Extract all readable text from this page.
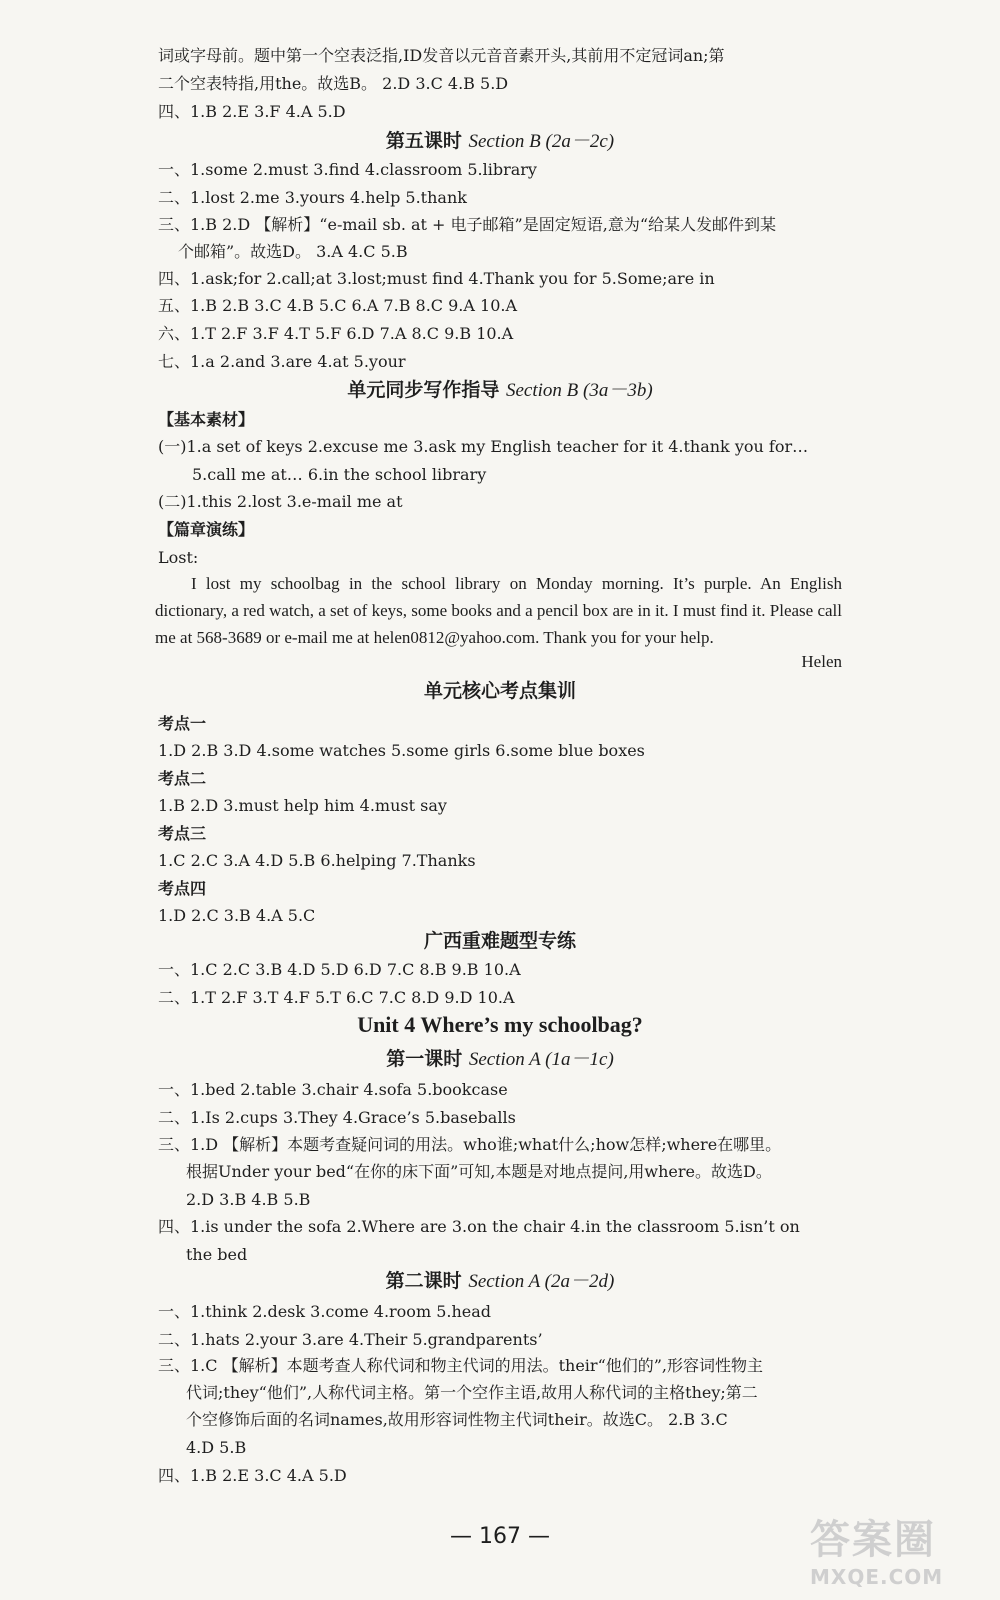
词或字母前。题中第一个空表泛指,ID发音以元音音素开头,其前用不定冠词an;第
二个空表特指,用the。故选B。 2.D 3.C 4.B 5.D
四、1.B 2.E 3.F 4.A 5.D
第五课时 Section B (2a－2c)
一、1.some 2.must 3.find 4.classroom 5.library
二、1.lost 2.me 3.yours 4.help 5.thank
三、1.B 2.D 【解析】“e-mail sb. at + 电子邮箱”是固定短语,意为“给某人发邮件到某
个邮箱”。故选D。 3.A 4.C 5.B
四、1.ask;for 2.call;at 3.lost;must find 4.Thank you for 5.Some;are in
五、1.B 2.B 3.C 4.B 5.C 6.A 7.B 8.C 9.A 10.A
六、1.T 2.F 3.F 4.T 5.F 6.D 7.A 8.C 9.B 10.A
七、1.a 2.and 3.are 4.at 5.your
单元同步写作指导 Section B (3a－3b)
【基本素材】
(一)1.a set of keys 2.excuse me 3.ask my English teacher for it 4.thank you for…
5.call me at… 6.in the school library
(二)1.this 2.lost 3.e-mail me at
【篇章演练】
Lost:
I lost my schoolbag in the school library on Monday morning. It’s purple. An English dictionary, a red watch, a set of keys, some books and a pencil box are in it. I must find it. Please call me at 568-3689 or e-mail me at helen0812@yahoo.com. Thank you for your help.
Helen
单元核心考点集训
考点一
1.D 2.B 3.D 4.some watches 5.some girls 6.some blue boxes
考点二
1.B 2.D 3.must help him 4.must say
考点三
1.C 2.C 3.A 4.D 5.B 6.helping 7.Thanks
考点四
1.D 2.C 3.B 4.A 5.C
广西重难题型专练
一、1.C 2.C 3.B 4.D 5.D 6.D 7.C 8.B 9.B 10.A
二、1.T 2.F 3.T 4.F 5.T 6.C 7.C 8.D 9.D 10.A
Unit 4 Where’s my schoolbag?
第一课时 Section A (1a－1c)
一、1.bed 2.table 3.chair 4.sofa 5.bookcase
二、1.Is 2.cups 3.They 4.Grace’s 5.baseballs
三、1.D 【解析】本题考查疑问词的用法。who谁;what什么;how怎样;where在哪里。
根据Under your bed“在你的床下面”可知,本题是对地点提问,用where。故选D。
2.D 3.B 4.B 5.B
四、1.is under the sofa 2.Where are 3.on the chair 4.in the classroom 5.isn’t on
the bed
第二课时 Section A (2a－2d)
一、1.think 2.desk 3.come 4.room 5.head
二、1.hats 2.your 3.are 4.Their 5.grandparents’
三、1.C 【解析】本题考查人称代词和物主代词的用法。their“他们的”,形容词性物主
代词;they“他们”,人称代词主格。第一个空作主语,故用人称代词的主格they;第二
个空修饰后面的名词names,故用形容词性物主代词their。故选C。 2.B 3.C
4.D 5.B
四、1.B 2.E 3.C 4.A 5.D
— 167 —	答案圈
MXQE.COM
